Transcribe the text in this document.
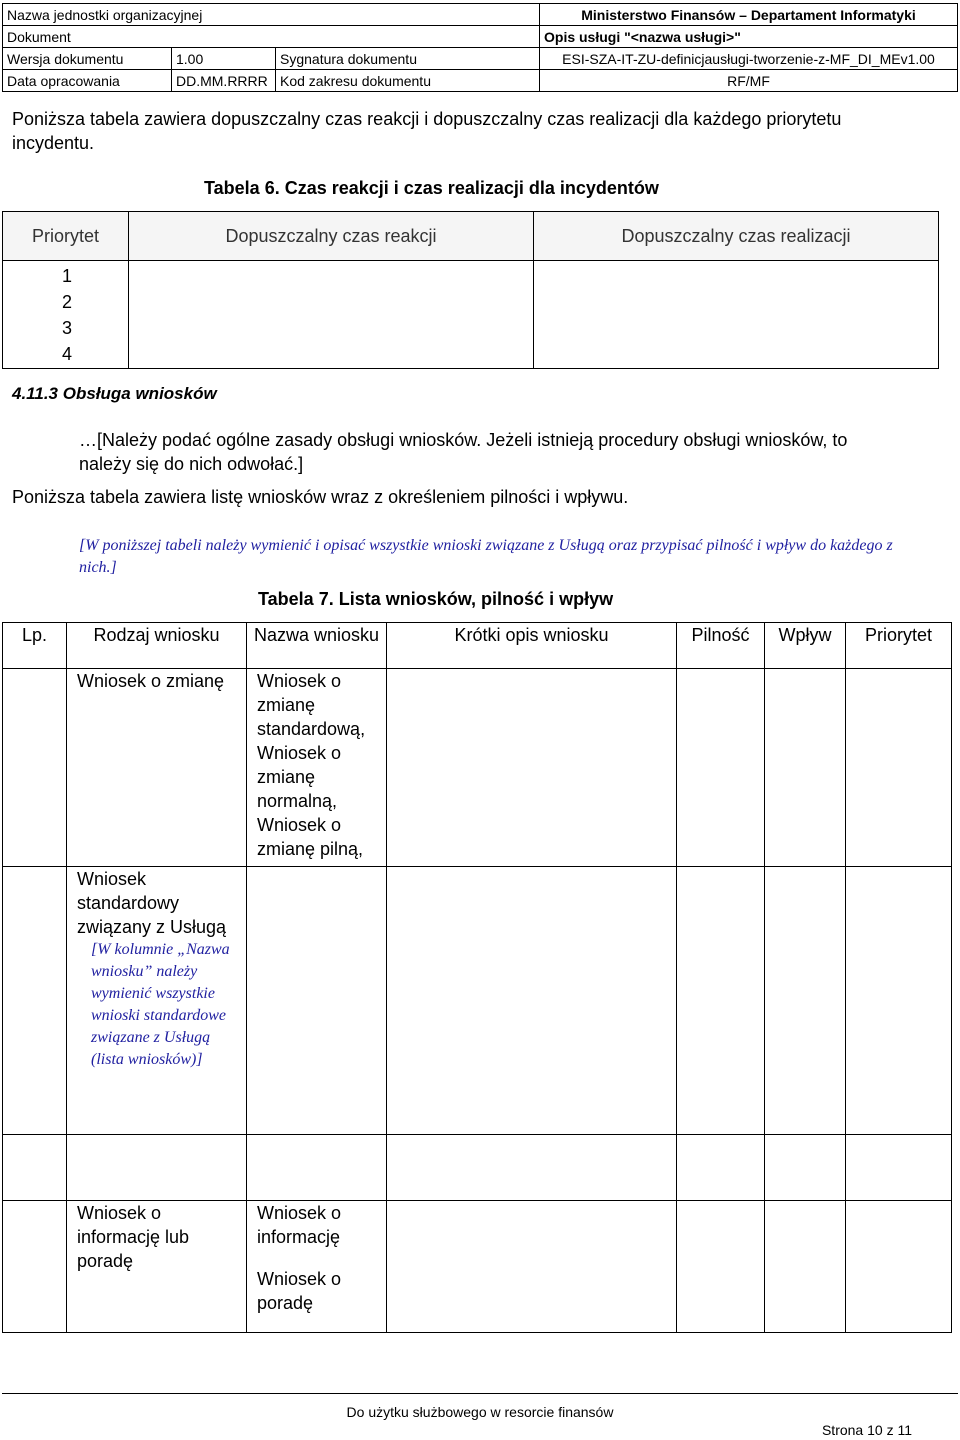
Nazwa jednostki organizacyjnej			Ministerstwo Finansów – Departament Informatyki
Dokument			Opis usługi "<nazwa usługi>"
Wersja dokumentu	1.00	Sygnatura dokumentu	ESI-SZA-IT-ZU-definicjausługi-tworzenie-z-MF_DI_MEv1.00
Data opracowania	DD.MM.RRRR	Kod zakresu dokumentu	RF/MF
Poniższa tabela zawiera dopuszczalny czas reakcji i dopuszczalny czas realizacji dla każdego priorytetu incydentu.
Tabela 6. Czas reakcji i czas realizacji dla incydentów
Priorytet	Dopuszczalny czas reakcji	Dopuszczalny czas realizacji

1
2
3
4		

4.11.3 Obsługa wniosków
…[Należy podać ogólne zasady obsługi wniosków. Jeżeli istnieją procedury obsługi wniosków, to należy się do nich odwołać.]
Poniższa tabela zawiera listę wniosków wraz z określeniem pilności i wpływu.
[W poniższej tabeli należy wymienić i opisać wszystkie wnioski związane z Usługą oraz przypisać pilność i wpływ do każdego z nich.]
Tabela 7. Lista wniosków, pilność i wpływ
Lp.	Rodzaj wniosku	Nazwa wniosku	Krótki opis wniosku	Pilność	Wpływ	Priorytet
	Wniosek o zmianę	Wniosek o zmianę standardową,
Wniosek o zmianę normalną,
Wniosek o zmianę pilną,				

	Wniosek standardowy związany z Usługą
[W kolumnie „Nazwa wniosku” należy wymienić wszystkie wnioski standardowe związane z Usługą (lista wniosków)]					

	Wniosek o informację lub poradę	Wniosek o informację
Wniosek o poradę				

Do użytku służbowego w resorcie finansów
Strona 10 z 11
